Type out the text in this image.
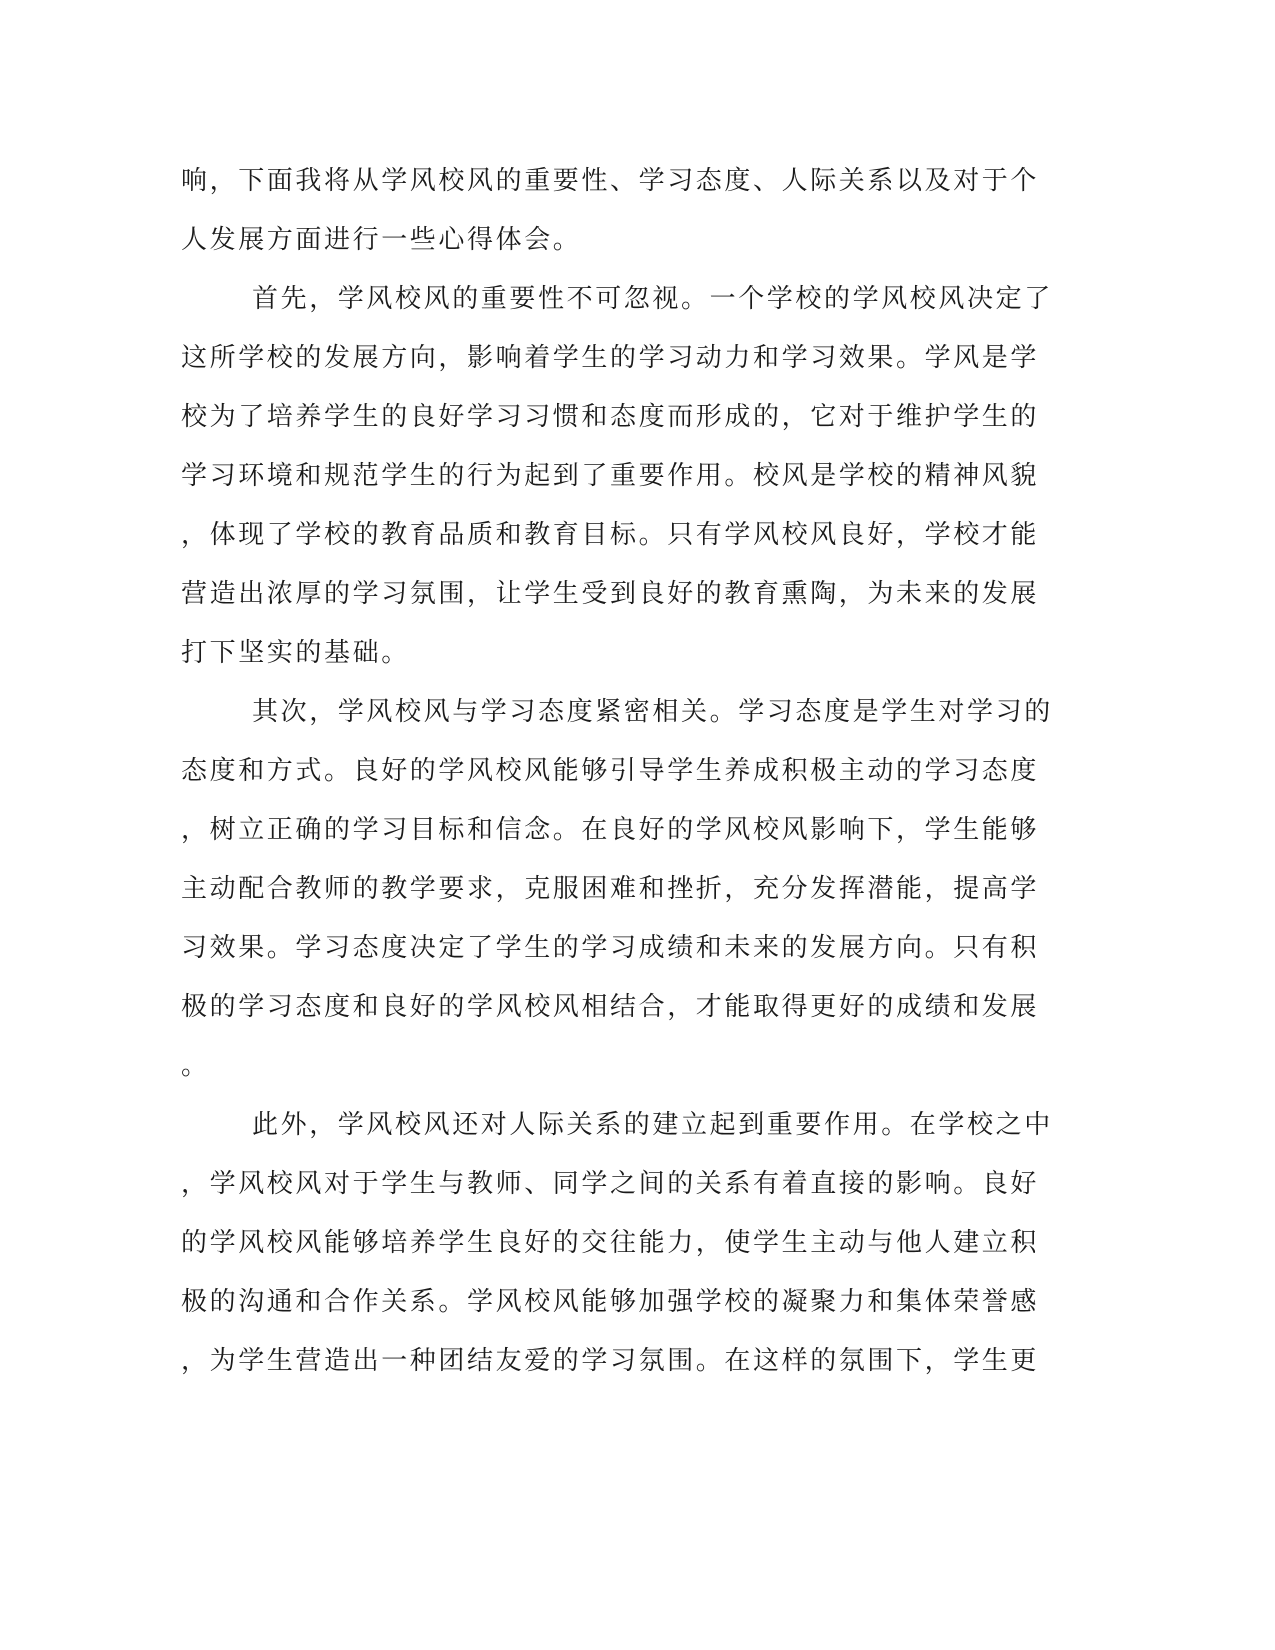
响，下面我将从学风校风的重要性、学习态度、人际关系以及对于个
人发展方面进行一些心得体会。
首先，学风校风的重要性不可忽视。一个学校的学风校风决定了
这所学校的发展方向，影响着学生的学习动力和学习效果。学风是学
校为了培养学生的良好学习习惯和态度而形成的，它对于维护学生的
学习环境和规范学生的行为起到了重要作用。校风是学校的精神风貌
，体现了学校的教育品质和教育目标。只有学风校风良好，学校才能
营造出浓厚的学习氛围，让学生受到良好的教育熏陶，为未来的发展
打下坚实的基础。
其次，学风校风与学习态度紧密相关。学习态度是学生对学习的
态度和方式。良好的学风校风能够引导学生养成积极主动的学习态度
，树立正确的学习目标和信念。在良好的学风校风影响下，学生能够
主动配合教师的教学要求，克服困难和挫折，充分发挥潜能，提高学
习效果。学习态度决定了学生的学习成绩和未来的发展方向。只有积
极的学习态度和良好的学风校风相结合，才能取得更好的成绩和发展
。
此外，学风校风还对人际关系的建立起到重要作用。在学校之中
，学风校风对于学生与教师、同学之间的关系有着直接的影响。良好
的学风校风能够培养学生良好的交往能力，使学生主动与他人建立积
极的沟通和合作关系。学风校风能够加强学校的凝聚力和集体荣誉感
，为学生营造出一种团结友爱的学习氛围。在这样的氛围下，学生更
